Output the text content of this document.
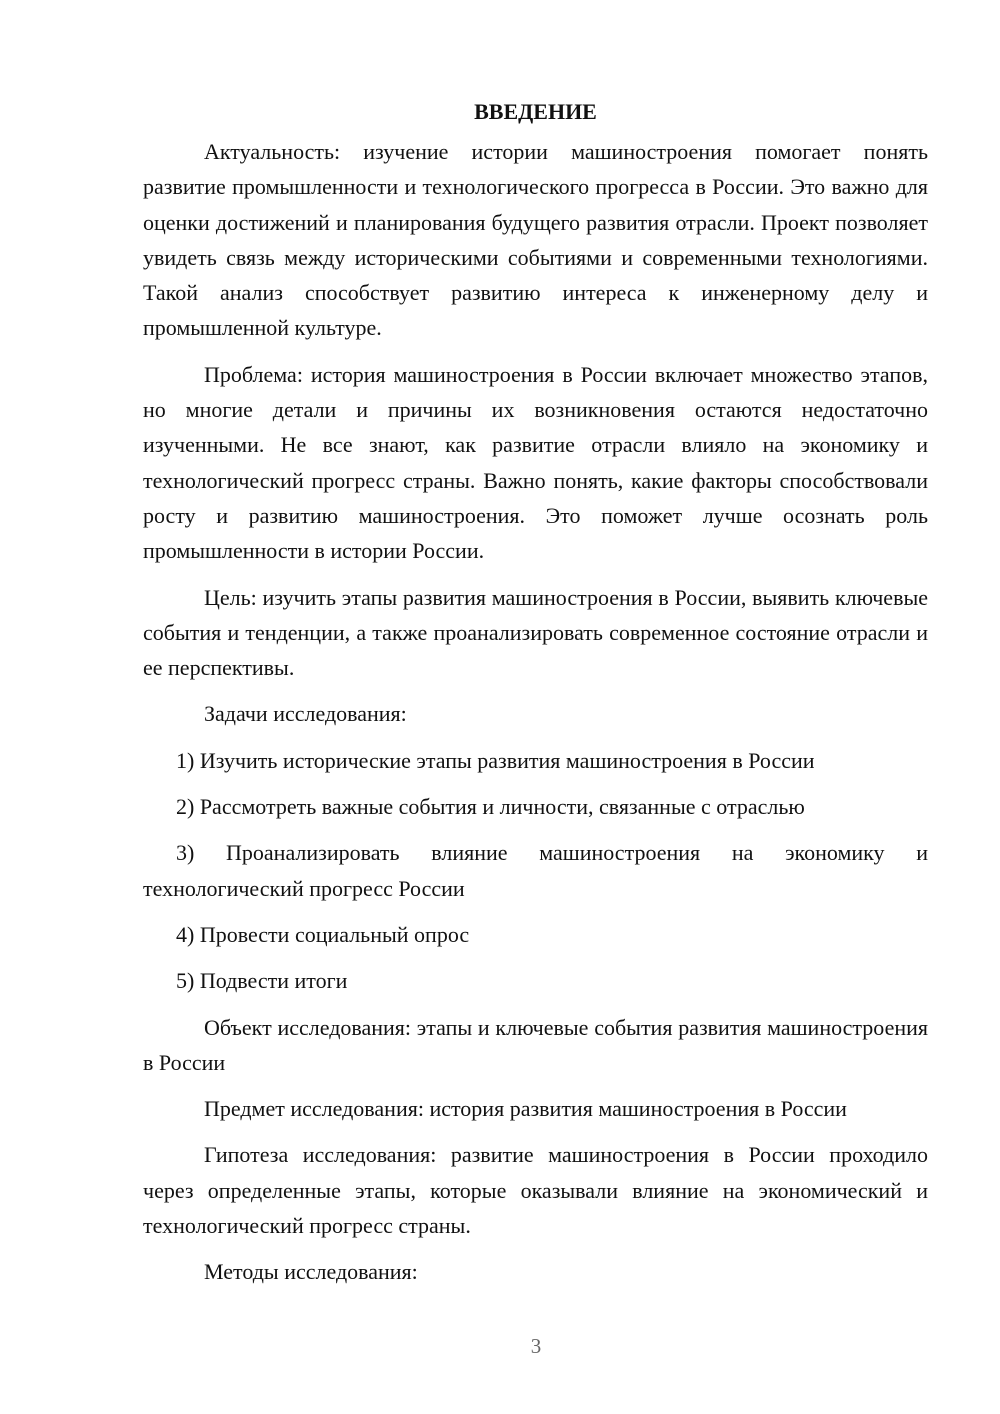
ВВЕДЕНИЕ

Актуальность: изучение истории машиностроения помогает понять развитие промышленности и технологического прогресса в России. Это важно для оценки достижений и планирования будущего развития отрасли. Проект позволяет увидеть связь между историческими событиями и современными технологиями. Такой анализ способствует развитию интереса к инженерному делу и промышленной культуре.

Проблема: история машиностроения в России включает множество этапов, но многие детали и причины их возникновения остаются недостаточно изученными. Не все знают, как развитие отрасли влияло на экономику и технологический прогресс страны. Важно понять, какие факторы способствовали росту и развитию машиностроения. Это поможет лучше осознать роль промышленности в истории России.

Цель: изучить этапы развития машиностроения в России, выявить ключевые события и тенденции, а также проанализировать современное состояние отрасли и ее перспективы.

Задачи исследования:

1) Изучить исторические этапы развития машиностроения в России

2) Рассмотреть важные события и личности, связанные с отраслью

3) Проанализировать влияние машиностроения на экономику и технологический прогресс России

4) Провести социальный опрос

5) Подвести итоги

Объект исследования: этапы и ключевые события развития машиностроения в России

Предмет исследования: история развития машиностроения в России

Гипотеза исследования: развитие машиностроения в России проходило через определенные этапы, которые оказывали влияние на экономический и технологический прогресс страны.

Методы исследования:

3
